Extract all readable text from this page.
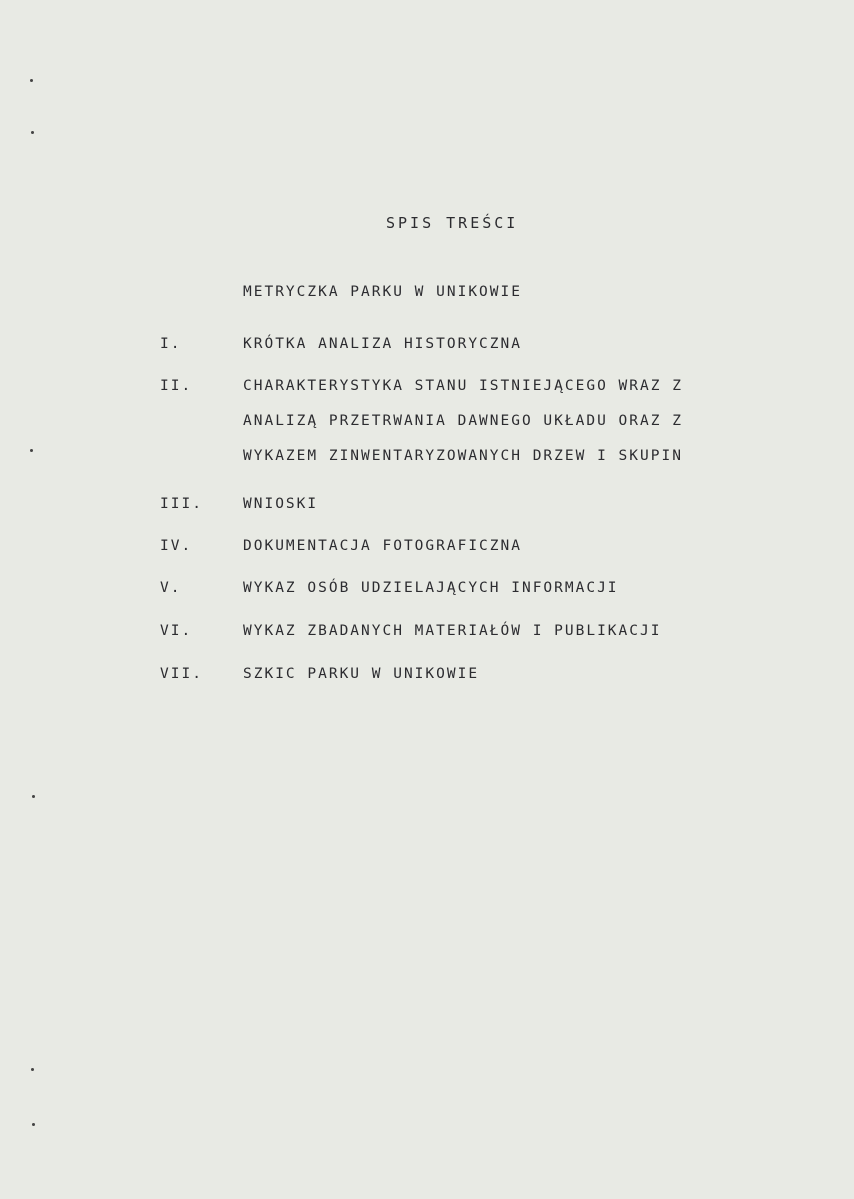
SPIS TREŚCI
METRYCZKA PARKU W UNIKOWIE
I.	KRÓTKA ANALIZA HISTORYCZNA
II.	CHARAKTERYSTYKA STANU ISTNIEJĄCEGO WRAZ Z
ANALIZĄ PRZETRWANIA DAWNEGO UKŁADU ORAZ Z
WYKAZEM ZINWENTARYZOWANYCH DRZEW I SKUPIN
III.	WNIOSKI
IV.	DOKUMENTACJA FOTOGRAFICZNA
V.	WYKAZ OSÓB UDZIELAJĄCYCH INFORMACJI
VI.	WYKAZ ZBADANYCH MATERIAŁÓW I PUBLIKACJI
VII.	SZKIC PARKU W UNIKOWIE
